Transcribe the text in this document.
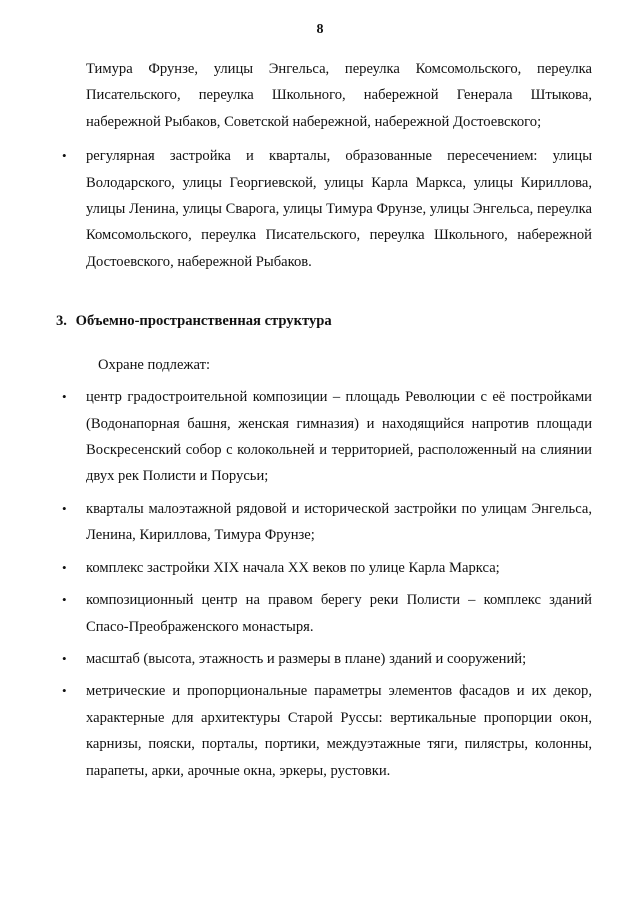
8

Тимура Фрунзе, улицы Энгельса, переулка Комсомольского, переулка Писательского, переулка Школьного, набережной Генерала Штыкова, набережной Рыбаков, Советской набережной, набережной Достоевского;

•	регулярная застройка и кварталы, образованные пересечением: улицы Володарского, улицы Георгиевской, улицы Карла Маркса, улицы Кириллова, улицы Ленина, улицы Сварога, улицы Тимура Фрунзе, улицы Энгельса, переулка Комсомольского, переулка Писательского, переулка Школьного, набережной Достоевского, набережной Рыбаков.
3. Объемно-пространственная структура

Охране подлежат:

•	центр градостроительной композиции – площадь Революции с её постройками (Водонапорная башня, женская гимназия) и находящийся напротив площади Воскресенский собор с колокольней и территорией, расположенный на слиянии двух рек Полисти и Порусьи;
•	кварталы малоэтажной рядовой и исторической застройки по улицам Энгельса, Ленина, Кириллова, Тимура Фрунзе;
•	комплекс застройки XIX начала XX веков по улице Карла Маркса;
•	композиционный центр на правом берегу реки Полисти – комплекс зданий Спасо-Преображенского монастыря.
•	масштаб (высота, этажность и размеры в плане) зданий и сооружений;
•	метрические и пропорциональные параметры элементов фасадов и их декор, характерные для архитектуры Старой Руссы: вертикальные пропорции окон, карнизы, пояски, порталы, портики, междуэтажные тяги, пилястры, колонны, парапеты, арки, арочные окна, эркеры, рустовки.
